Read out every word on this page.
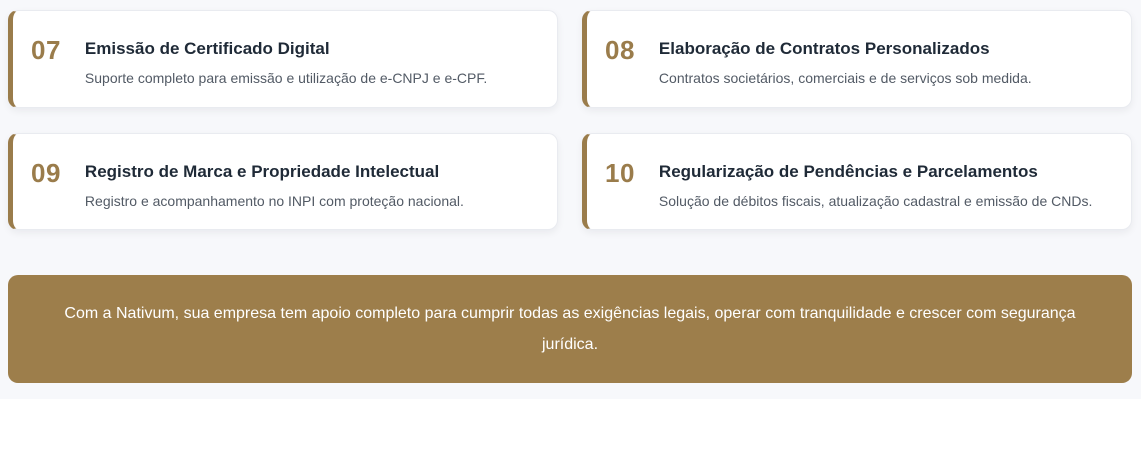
07 Emissão de Certificado Digital

Suporte completo para emissão e utilização de e-CNPJ e e-CPF.

08 Elaboração de Contratos Personalizados

Contratos societários, comerciais e de serviços sob medida.

09 Registro de Marca e Propriedade Intelectual

Registro e acompanhamento no INPI com proteção nacional.

10 Regularização de Pendências e Parcelamentos

Solução de débitos fiscais, atualização cadastral e emissão de CNDs.

Com a Nativum, sua empresa tem apoio completo para cumprir todas as exigências legais, operar com tranquilidade e crescer com segurança jurídica.
